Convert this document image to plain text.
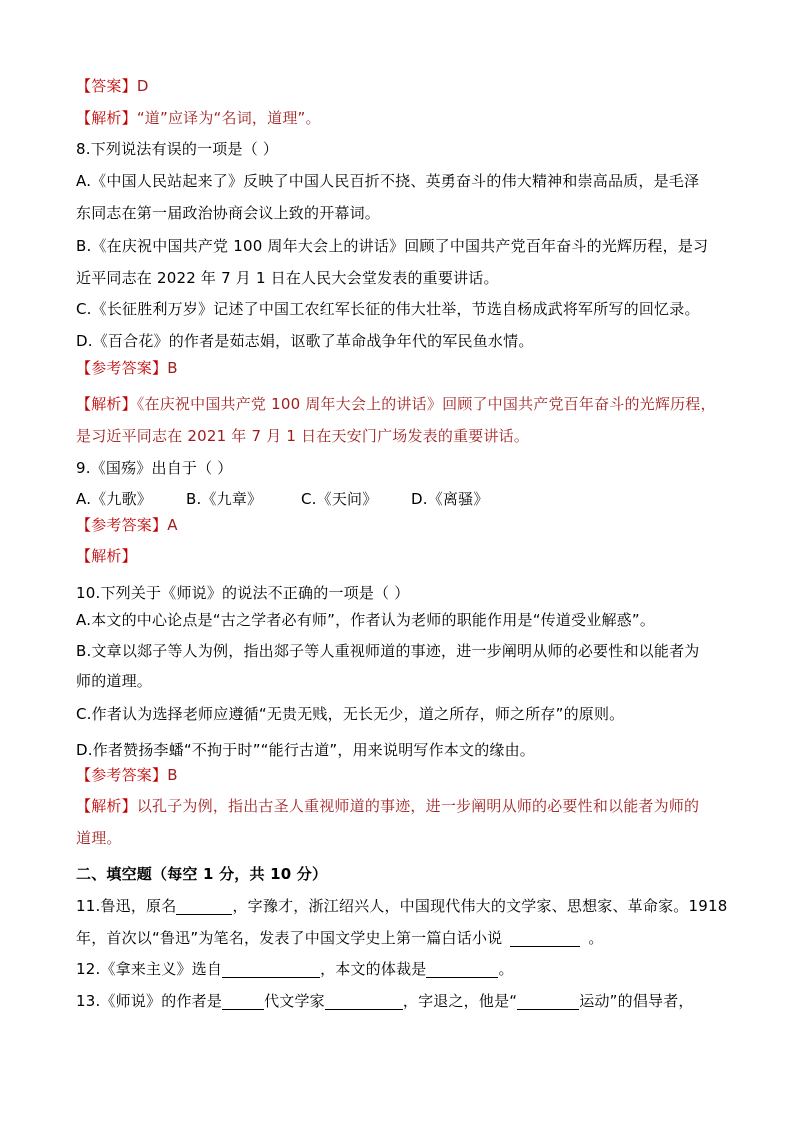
【答案】D
【解析】“道”应译为“名词，道理”。
8.下列说法有误的一项是（ ）
A.《中国人民站起来了》反映了中国人民百折不挠、英勇奋斗的伟大精神和崇高品质，是毛泽
东同志在第一届政治协商会议上致的开幕词。
B.《在庆祝中国共产党 100 周年大会上的讲话》回顾了中国共产党百年奋斗的光辉历程，是习
近平同志在 2022 年 7 月 1 日在人民大会堂发表的重要讲话。
C.《长征胜利万岁》记述了中国工农红军长征的伟大壮举，节选自杨成武将军所写的回忆录。
D.《百合花》的作者是茹志娟，讴歌了革命战争年代的军民鱼水情。
【参考答案】B
【解析】《在庆祝中国共产党 100 周年大会上的讲话》回顾了中国共产党百年奋斗的光辉历程，
是习近平同志在 2021 年 7 月 1 日在天安门广场发表的重要讲话。
9.《国殇》出自于（ ）
A.《九歌》 B.《九章》	C.《天问》 D.《离骚》
【参考答案】A
【解析】
10.下列关于《师说》的说法不正确的一项是（ ）
A.本文的中心论点是“古之学者必有师”，作者认为老师的职能作用是“传道受业解惑”。
B.文章以郯子等人为例，指出郯子等人重视师道的事迹，进一步阐明从师的必要性和以能者为
师的道理。
C.作者认为选择老师应遵循“无贵无贱，无长无少，道之所存，师之所存”的原则。
D.作者赞扬李蟠“不拘于时”“能行古道”，用来说明写作本文的缘由。
【参考答案】B
【解析】以孔子为例，指出古圣人重视师道的事迹，进一步阐明从师的必要性和以能者为师的
道理。
二、填空题（每空 1 分，共 10 分）
11.鲁迅，原名	，字豫才，浙江绍兴人，中国现代伟大的文学家、思想家、革命家。1918
年，首次以“鲁迅”为笔名，发表了中国文学史上第一篇白话小说	。
12.《拿来主义》选自	，本文的体裁是	。
13.《师说》的作者是	代文学家	，字退之，他是“	运动”的倡导者，
